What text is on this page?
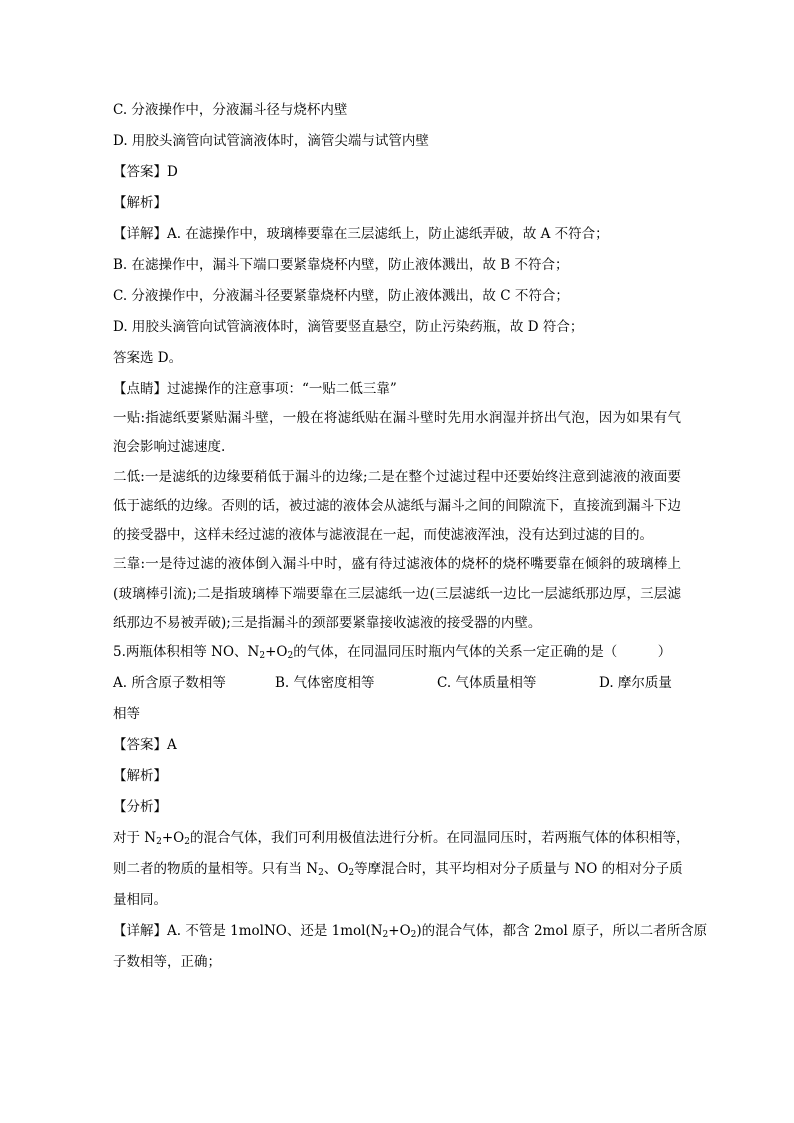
C. 分液操作中，分液漏斗径与烧杯内壁

D. 用胶头滴管向试管滴液体时，滴管尖端与试管内壁

【答案】D

【解析】

【详解】A. 在滤操作中，玻璃棒要靠在三层滤纸上，防止滤纸弄破，故 A 不符合；

B. 在滤操作中，漏斗下端口要紧靠烧杯内壁，防止液体溅出，故 B 不符合；

C. 分液操作中，分液漏斗径要紧靠烧杯内壁，防止液体溅出，故 C 不符合；

D. 用胶头滴管向试管滴液体时，滴管要竖直悬空，防止污染药瓶，故 D 符合；

答案选 D。

【点睛】过滤操作的注意事项：“一贴二低三靠”

一贴:指滤纸要紧贴漏斗壁，一般在将滤纸贴在漏斗壁时先用水润湿并挤出气泡，因为如果有气泡会影响过滤速度.

二低:一是滤纸的边缘要稍低于漏斗的边缘;二是在整个过滤过程中还要始终注意到滤液的液面要低于滤纸的边缘。否则的话，被过滤的液体会从滤纸与漏斗之间的间隙流下，直接流到漏斗下边的接受器中，这样未经过滤的液体与滤液混在一起，而使滤液浑浊，没有达到过滤的目的。

三靠:一是待过滤的液体倒入漏斗中时，盛有待过滤液体的烧杯的烧杯嘴要靠在倾斜的玻璃棒上(玻璃棒引流);二是指玻璃棒下端要靠在三层滤纸一边(三层滤纸一边比一层滤纸那边厚，三层滤纸那边不易被弄破);三是指漏斗的颈部要紧靠接收滤液的接受器的内壁。

5.两瓶体积相等 NO、$N_2+O_2$的气体，在同温同压时瓶内气体的关系一定正确的是（　　　）

A. 所含原子数相等	B. 气体密度相等	C. 气体质量相等	D. 摩尔质量

相等

【答案】A

【解析】

【分析】

对于 $N_2+O_2$的混合气体，我们可利用极值法进行分析。在同温同压时，若两瓶气体的体积相等，

则二者的物质的量相等。只有当 $N_2$、$O_2$等摩混合时，其平均相对分子质量与 NO 的相对分子质

量相同。

【详解】A. 不管是 1molNO、还是 $1mol(N_2+O_2)$的混合气体，都含 2mol 原子，所以二者所含原

子数相等，正确；
